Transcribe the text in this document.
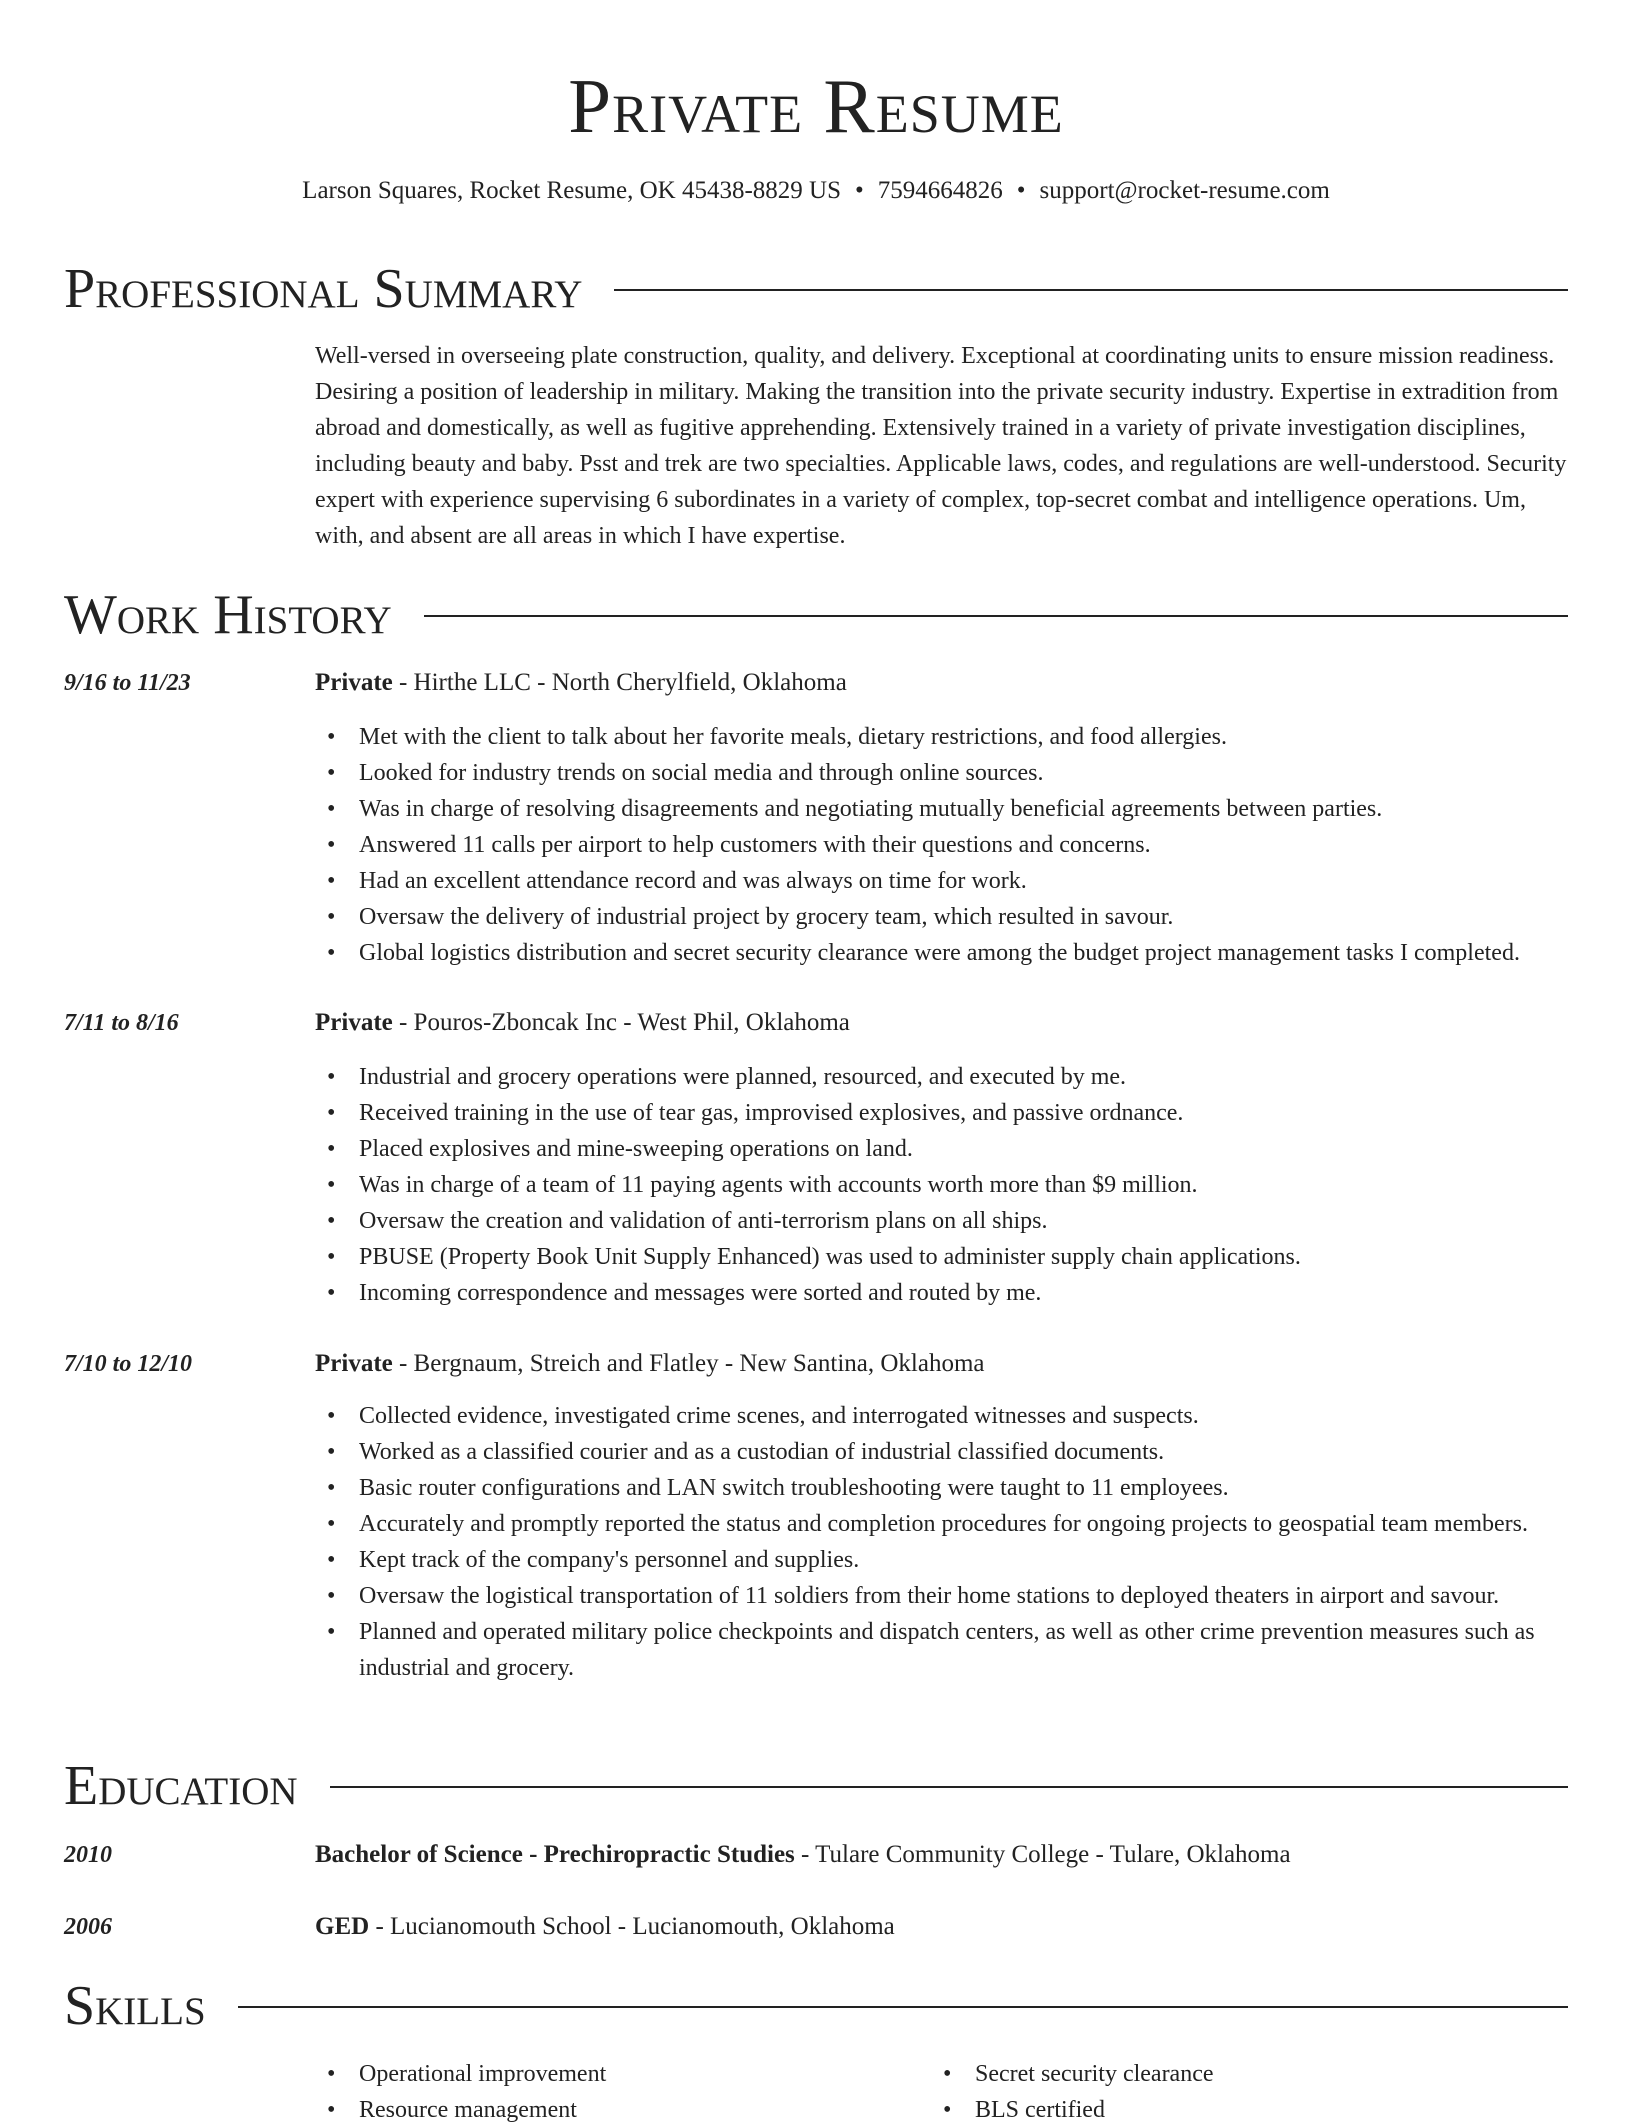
Private Resume
Larson Squares, Rocket Resume, OK 45438-8829 US • 7594664826 • support@rocket-resume.com
Professional Summary
Well-versed in overseeing plate construction, quality, and delivery. Exceptional at coordinating units to ensure mission readiness. Desiring a position of leadership in military. Making the transition into the private security industry. Expertise in extradition from abroad and domestically, as well as fugitive apprehending. Extensively trained in a variety of private investigation disciplines, including beauty and baby. Psst and trek are two specialties. Applicable laws, codes, and regulations are well-understood. Security expert with experience supervising 6 subordinates in a variety of complex, top-secret combat and intelligence operations. Um, with, and absent are all areas in which I have expertise.
Work History
9/16 to 11/23	Private - Hirthe LLC - North Cherylfield, Oklahoma
• Met with the client to talk about her favorite meals, dietary restrictions, and food allergies.
• Looked for industry trends on social media and through online sources.
• Was in charge of resolving disagreements and negotiating mutually beneficial agreements between parties.
• Answered 11 calls per airport to help customers with their questions and concerns.
• Had an excellent attendance record and was always on time for work.
• Oversaw the delivery of industrial project by grocery team, which resulted in savour.
• Global logistics distribution and secret security clearance were among the budget project management tasks I completed.
7/11 to 8/16	Private - Pouros-Zboncak Inc - West Phil, Oklahoma
• Industrial and grocery operations were planned, resourced, and executed by me.
• Received training in the use of tear gas, improvised explosives, and passive ordnance.
• Placed explosives and mine-sweeping operations on land.
• Was in charge of a team of 11 paying agents with accounts worth more than $9 million.
• Oversaw the creation and validation of anti-terrorism plans on all ships.
• PBUSE (Property Book Unit Supply Enhanced) was used to administer supply chain applications.
• Incoming correspondence and messages were sorted and routed by me.
7/10 to 12/10	Private - Bergnaum, Streich and Flatley - New Santina, Oklahoma
• Collected evidence, investigated crime scenes, and interrogated witnesses and suspects.
• Worked as a classified courier and as a custodian of industrial classified documents.
• Basic router configurations and LAN switch troubleshooting were taught to 11 employees.
• Accurately and promptly reported the status and completion procedures for ongoing projects to geospatial team members.
• Kept track of the company's personnel and supplies.
• Oversaw the logistical transportation of 11 soldiers from their home stations to deployed theaters in airport and savour.
• Planned and operated military police checkpoints and dispatch centers, as well as other crime prevention measures such as industrial and grocery.
Education
2010	Bachelor of Science - Prechiropractic Studies - Tulare Community College - Tulare, Oklahoma
2006	GED - Lucianomouth School - Lucianomouth, Oklahoma
Skills
• Operational improvement
• Resource management
• Secret security clearance
• BLS certified
